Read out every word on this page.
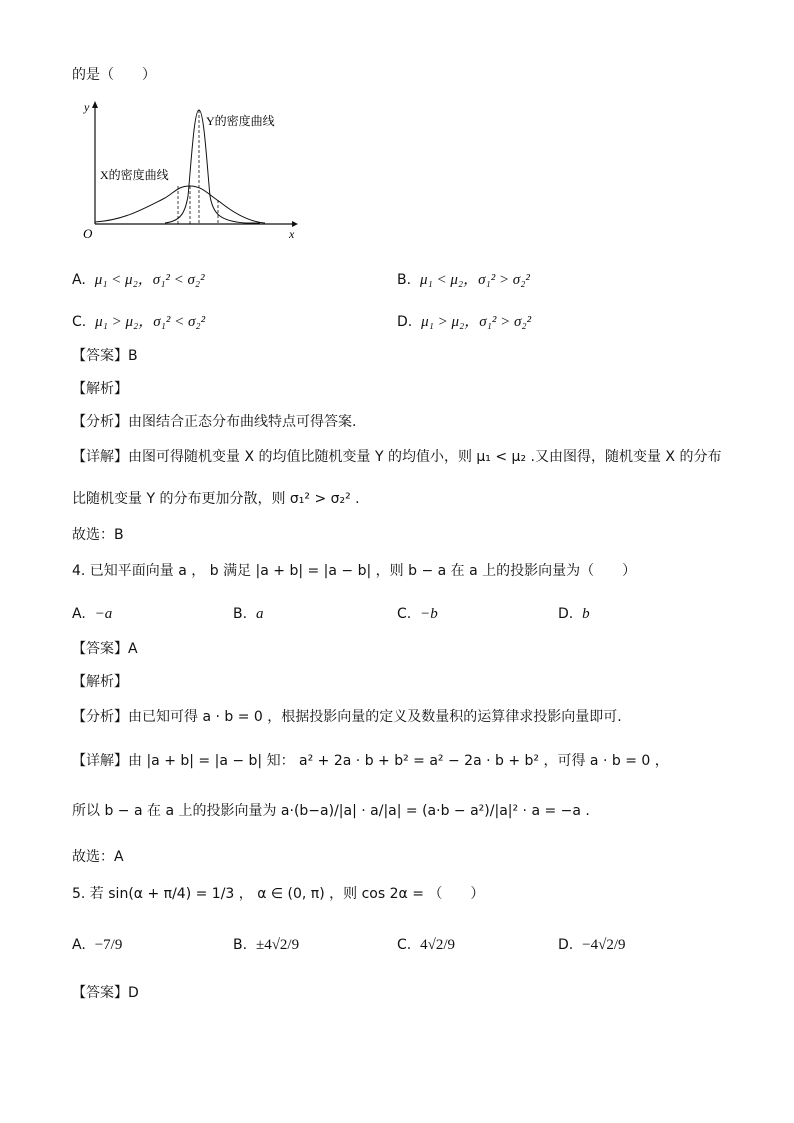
的是（　　）
y
x
O
Y的密度曲线
X的密度曲线
A. μ₁ < μ₂，σ₁² < σ₂²	B. μ₁ < μ₂，σ₁² > σ₂²
C. μ₁ > μ₂，σ₁² < σ₂²	D. μ₁ > μ₂，σ₁² > σ₂²
【答案】B
【解析】
【分析】由图结合正态分布曲线特点可得答案.
【详解】由图可得随机变量 X 的均值比随机变量 Y 的均值小，则 μ₁ < μ₂ .又由图得，随机变量 X 的分布
比随机变量 Y 的分布更加分散，则 σ₁² > σ₂² .
故选：B
4. 已知平面向量 a ， b 满足 |a + b| = |a − b| ，则 b − a 在 a 上的投影向量为（　　）
A. −a	B. a	C. −b	D. b
【答案】A
【解析】
【分析】由已知可得 a · b = 0 ，根据投影向量的定义及数量积的运算律求投影向量即可.
【详解】由 |a + b| = |a − b| 知： a² + 2a · b + b² = a² − 2a · b + b² ，可得 a · b = 0 ，
所以 b − a 在 a 上的投影向量为 a·(b−a)/|a| · a/|a| = (a·b − a²)/|a|² · a = −a .
故选：A
5. 若 sin(α + π/4) = 1/3 ， α ∈ (0, π) ，则 cos 2α = （　　）
A. −7/9	B. ±4√2/9	C. 4√2/9	D. −4√2/9
【答案】D
